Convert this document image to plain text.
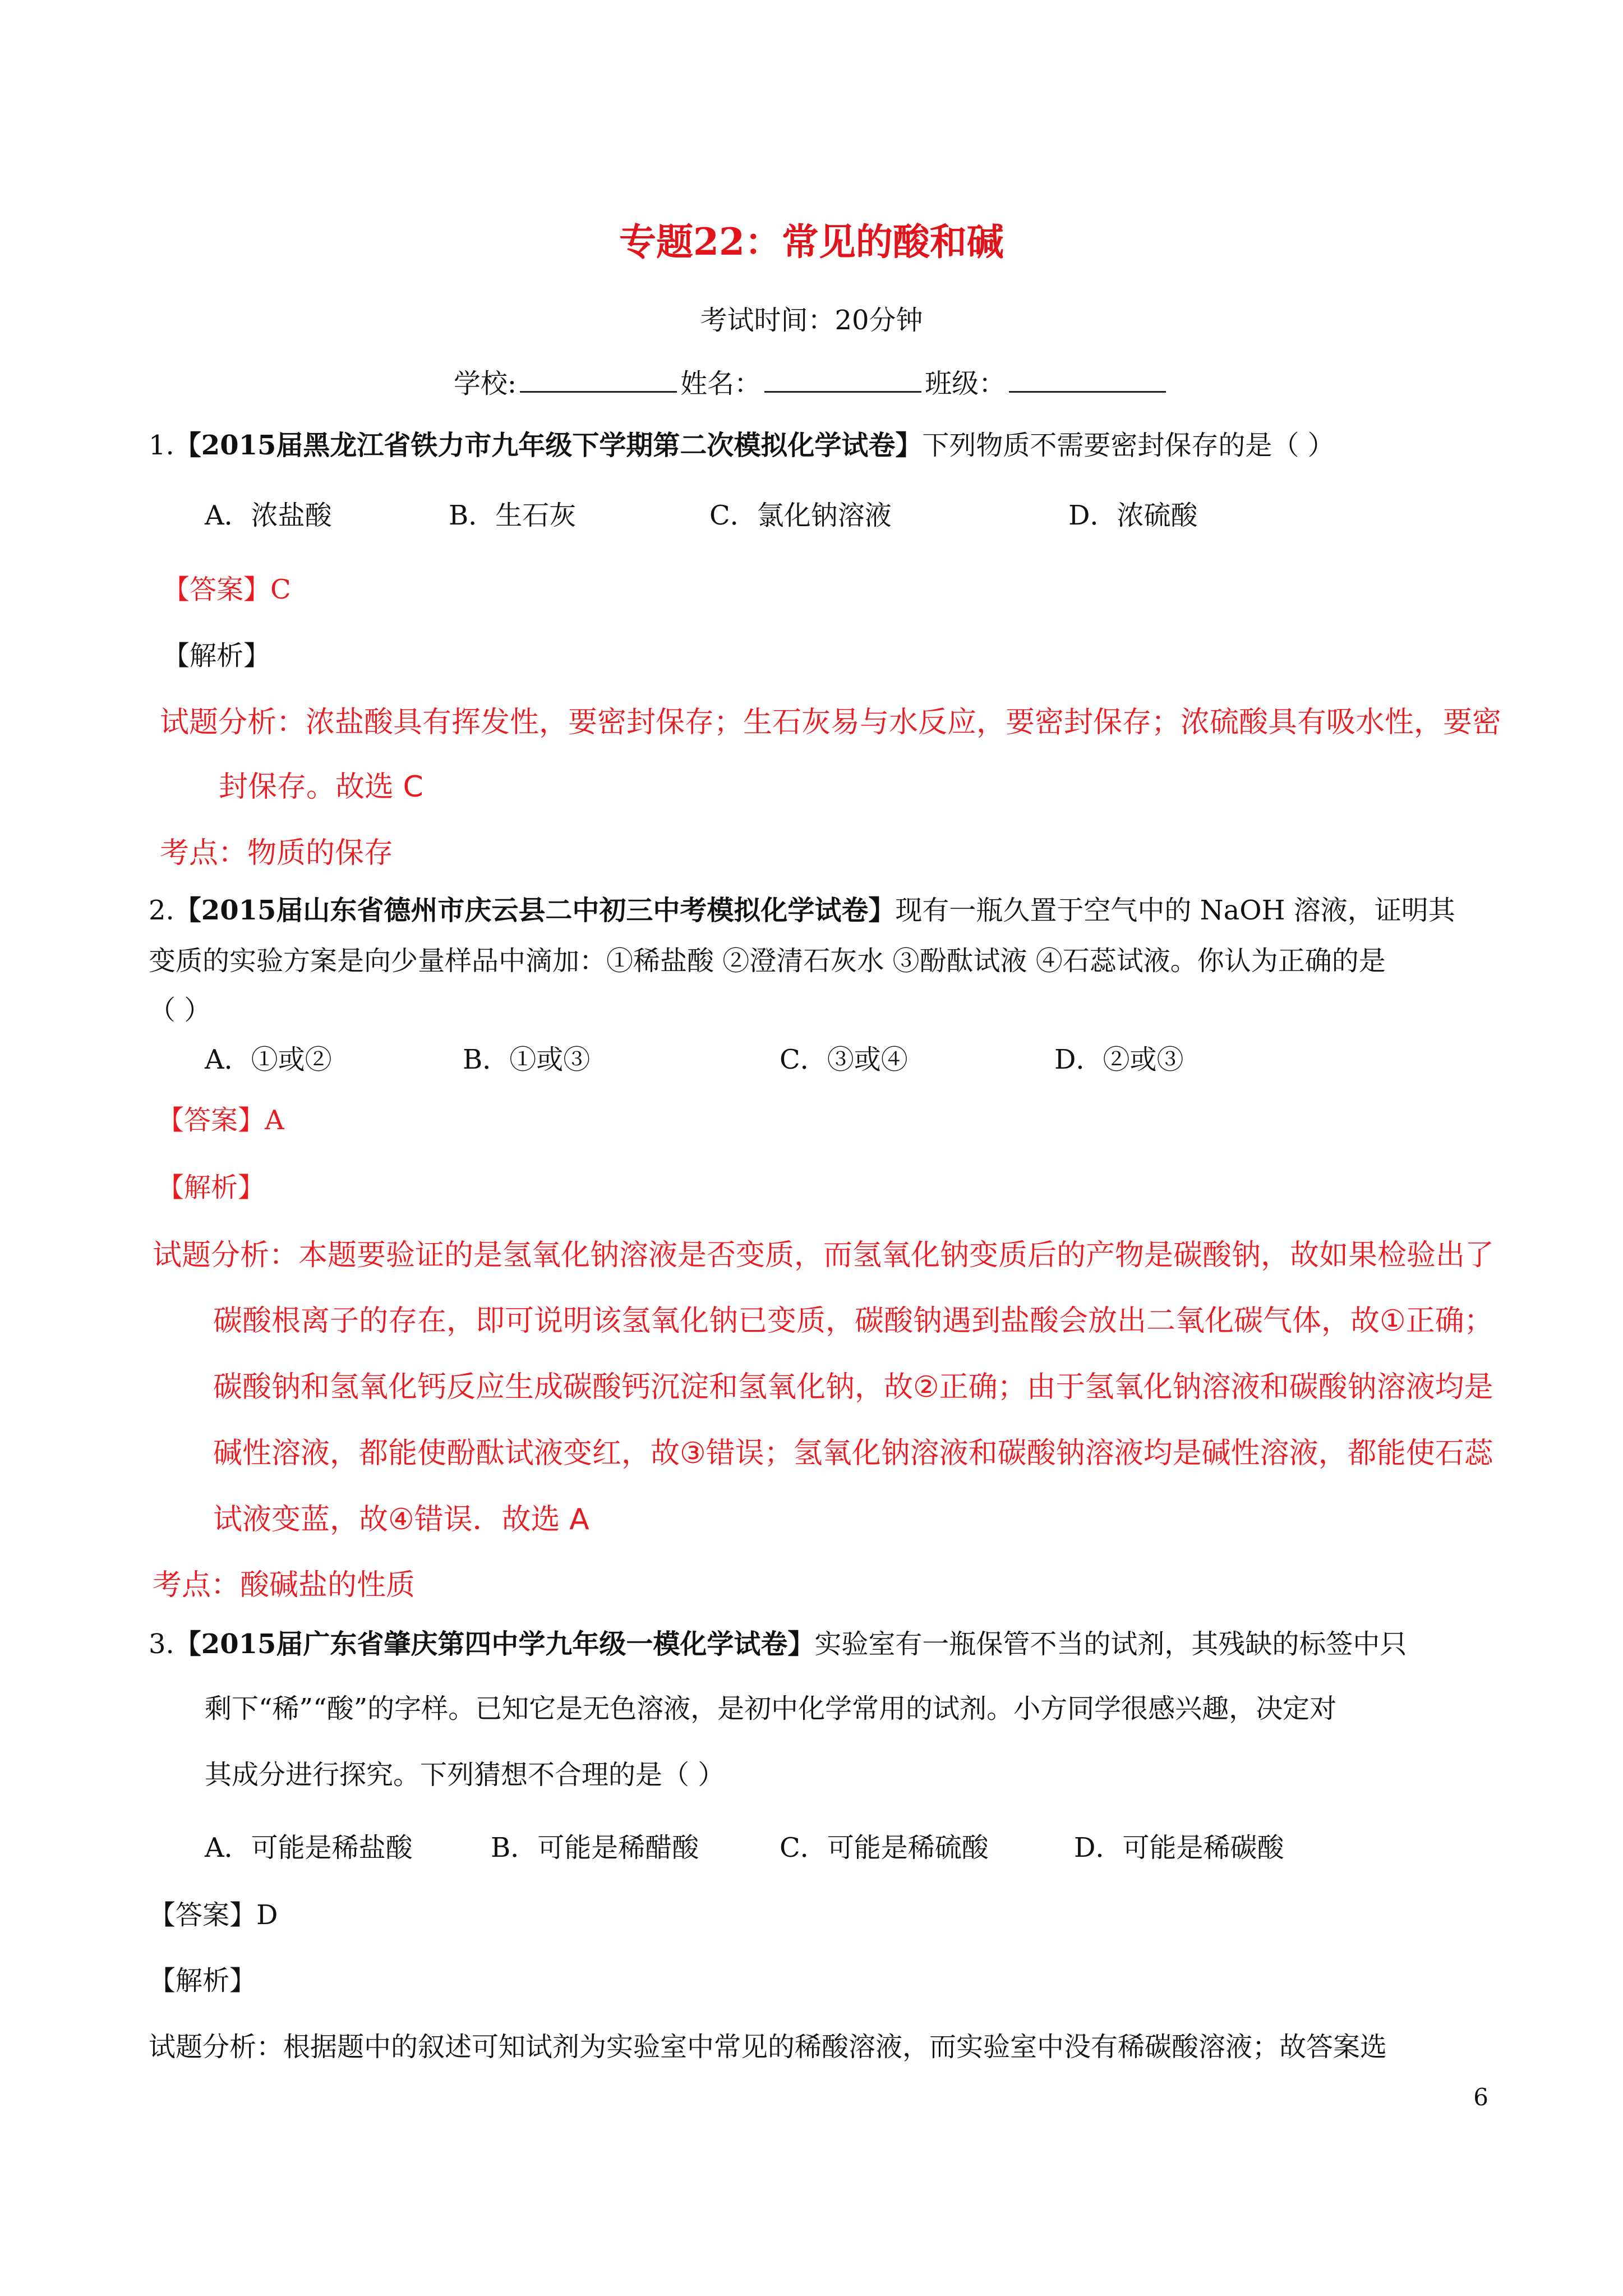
专题22：常见的酸和碱
考试时间：20分钟
学校:	姓名：	班级：
1.【2015届黑龙江省铁力市九年级下学期第二次模拟化学试卷】下列物质不需要密封保存的是（ ）
A．浓盐酸	B．生石灰	C．氯化钠溶液	D．浓硫酸
【答案】C
【解析】
试题分析：浓盐酸具有挥发性，要密封保存；生石灰易与水反应，要密封保存；浓硫酸具有吸水性，要密
封保存。故选 C
考点：物质的保存
2.【2015届山东省德州市庆云县二中初三中考模拟化学试卷】现有一瓶久置于空气中的 NaOH 溶液，证明其
变质的实验方案是向少量样品中滴加：①稀盐酸 ②澄清石灰水 ③酚酞试液 ④石蕊试液。你认为正确的是
（ ）
A．①或②	B．①或③	C．③或④	D．②或③
【答案】A
【解析】
试题分析：本题要验证的是氢氧化钠溶液是否变质，而氢氧化钠变质后的产物是碳酸钠，故如果检验出了
碳酸根离子的存在，即可说明该氢氧化钠已变质，碳酸钠遇到盐酸会放出二氧化碳气体，故①正确；
碳酸钠和氢氧化钙反应生成碳酸钙沉淀和氢氧化钠，故②正确；由于氢氧化钠溶液和碳酸钠溶液均是
碱性溶液，都能使酚酞试液变红，故③错误；氢氧化钠溶液和碳酸钠溶液均是碱性溶液，都能使石蕊
试液变蓝，故④错误．故选 A
考点：酸碱盐的性质
3.【2015届广东省肇庆第四中学九年级一模化学试卷】实验室有一瓶保管不当的试剂，其残缺的标签中只
剩下“稀”“酸”的字样。已知它是无色溶液，是初中化学常用的试剂。小方同学很感兴趣，决定对
其成分进行探究。下列猜想不合理的是（ ）
A．可能是稀盐酸	B．可能是稀醋酸	C．可能是稀硫酸	D．可能是稀碳酸
【答案】D
【解析】
试题分析：根据题中的叙述可知试剂为实验室中常见的稀酸溶液，而实验室中没有稀碳酸溶液；故答案选
6
